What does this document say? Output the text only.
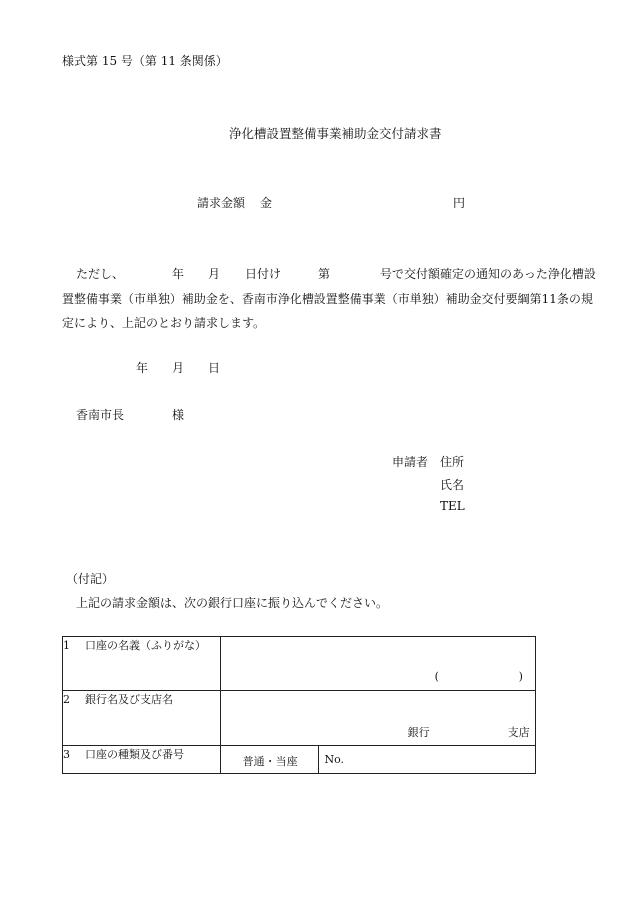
様式第 15 号（第 11 条関係）
浄化槽設置整備事業補助金交付請求書
請求金額 金	円
ただし、	年 月 日付け	第	号で交付額確定の通知のあった浄化槽設
置整備事業（市単独）補助金を、香南市浄化槽設置整備事業（市単独）補助金交付要綱第11条の規
定により、上記のとおり請求します。
年 月 日
香南市長	様
申請者 住所
氏名
TEL
（付記）
上記の請求金額は、次の銀行口座に振り込んでください。
1 口座の名義（ふりがな）	( )	

2 銀行名及び支店名	銀行 支店	

3 口座の種類及び番号	普通・当座	No.
